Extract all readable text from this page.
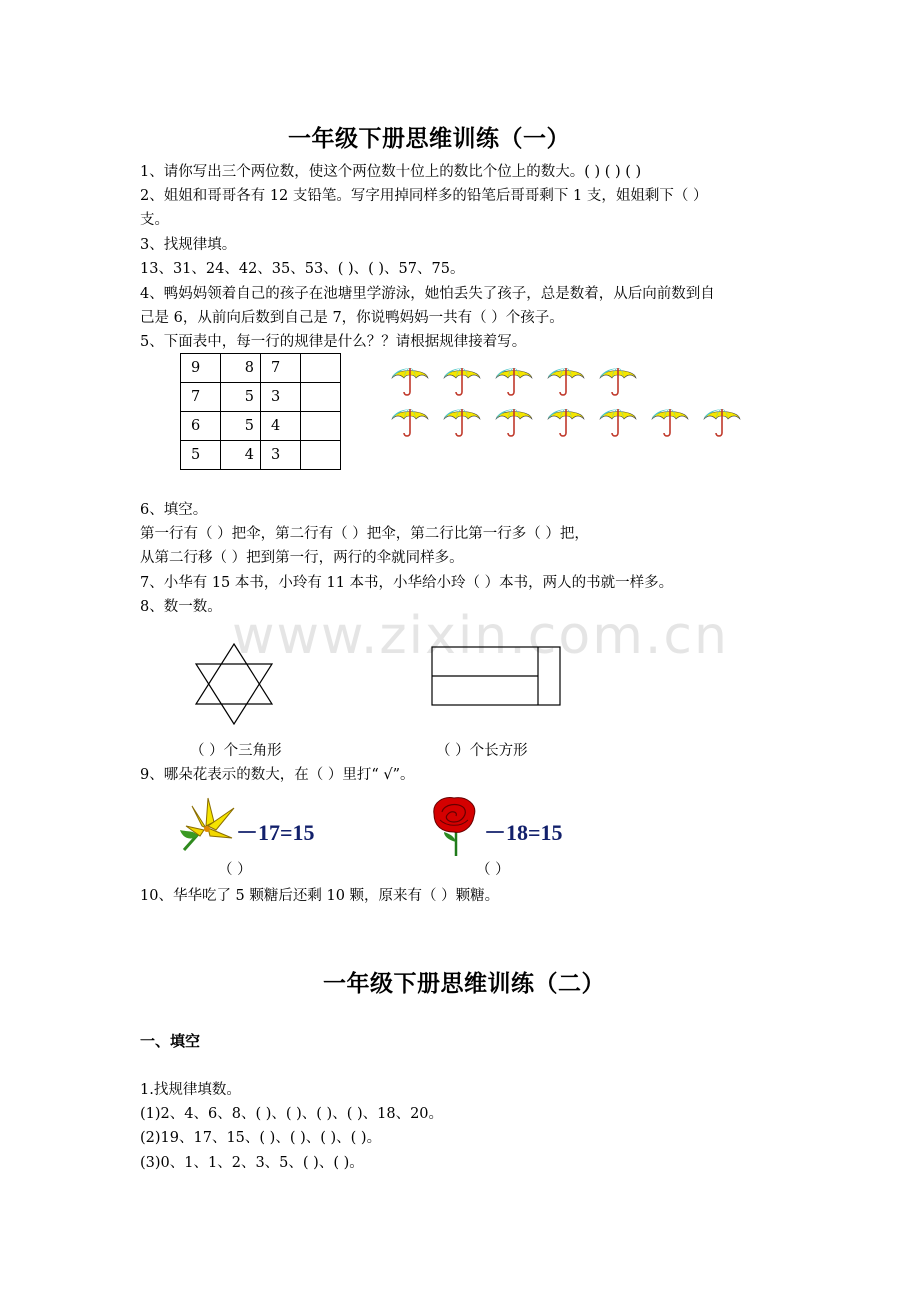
www.zixin.com.cn
一年级下册思维训练（一）
1、请你写出三个两位数，使这个两位数十位上的数比个位上的数大。( ) ( ) ( )
2、姐姐和哥哥各有 12 支铅笔。写字用掉同样多的铅笔后哥哥剩下 1 支，姐姐剩下（ ）
支。
3、找规律填。
13、31、24、42、35、53、( )、( )、57、75。
4、鸭妈妈领着自己的孩子在池塘里学游泳，她怕丢失了孩子，总是数着，从后向前数到自
己是 6，从前向后数到自己是 7，你说鸭妈妈一共有（ ）个孩子。
5、下面表中，每一行的规律是什么？？请根据规律接着写。
9	8	7	
7	5	3	
6	5	4	
5	4	3	
6、填空。
第一行有（ ）把伞，第二行有（ ）把伞，第二行比第一行多（ ）把，
从第二行移（ ）把到第一行，两行的伞就同样多。
7、小华有 15 本书，小玲有 11 本书，小华给小玲（ ）本书，两人的书就一样多。
8、数一数。
（ ）个三角形	（ ）个长方形
9、哪朵花表示的数大，在（ ）里打“ √”。
－17=15	－18=15
（ ）	（ ）
10、华华吃了 5 颗糖后还剩 10 颗，原来有（ ）颗糖。
一年级下册思维训练（二）
一、填空
1.找规律填数。
(1)2、4、6、8、( )、( )、( )、( )、18、20。
(2)19、17、15、( )、( )、( )、( )。
(3)0、1、1、2、3、5、( )、( )。
